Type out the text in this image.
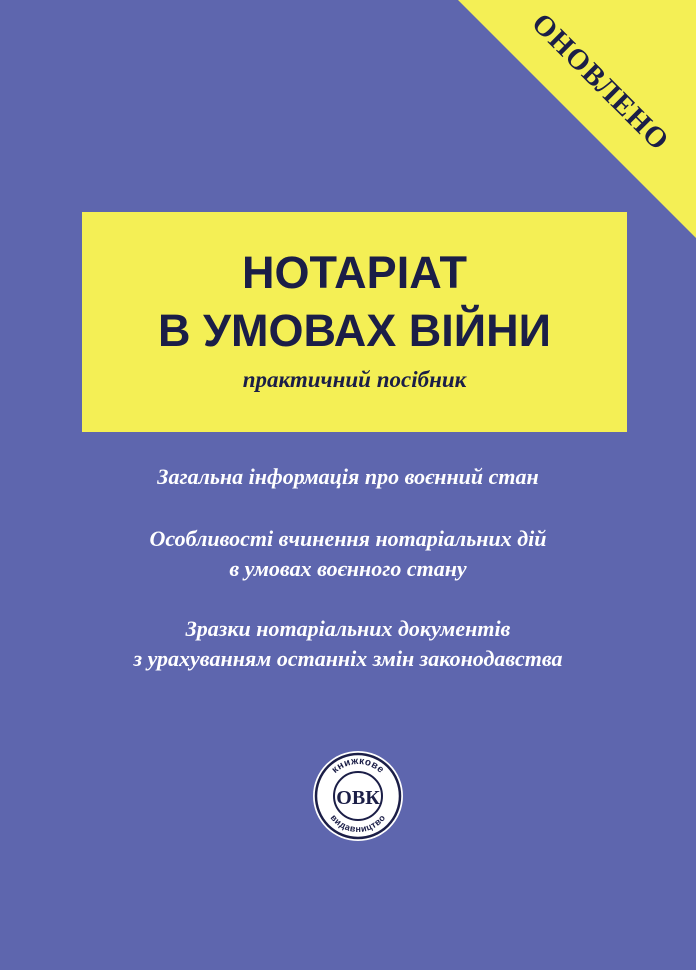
ОНОВЛЕНО
НОТАРІАТ
В УМОВАХ ВІЙНИ
практичний посібник
Загальна інформація про воєнний стан
Особливості вчинення нотаріальних дій
в умовах воєнного стану
Зразки нотаріальних документів
з урахуванням останніх змін законодавства
книжкове
видавництво
ОВК
